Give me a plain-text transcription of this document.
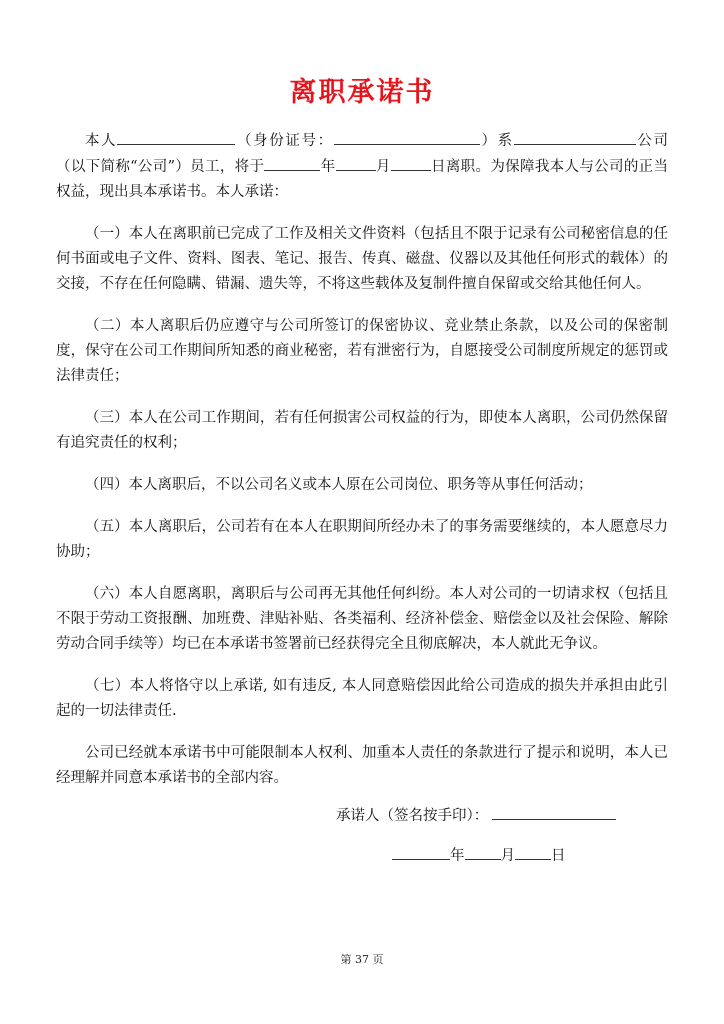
离职承诺书

本人	（身份证号：	）系	公司（以下简称“公司”）员工，将于	年	月	日离职。为保障我本人与公司的正当权益，现出具本承诺书。本人承诺：

（一）本人在离职前已完成了工作及相关文件资料（包括且不限于记录有公司秘密信息的任何书面或电子文件、资料、图表、笔记、报告、传真、磁盘、仪器以及其他任何形式的载体）的交接，不存在任何隐瞒、错漏、遗失等，不将这些载体及复制件擅自保留或交给其他任何人。

（二）本人离职后仍应遵守与公司所签订的保密协议、竞业禁止条款，以及公司的保密制度，保守在公司工作期间所知悉的商业秘密，若有泄密行为，自愿接受公司制度所规定的惩罚或法律责任；

（三）本人在公司工作期间，若有任何损害公司权益的行为，即使本人离职，公司仍然保留有追究责任的权利；

（四）本人离职后，不以公司名义或本人原在公司岗位、职务等从事任何活动；

（五）本人离职后，公司若有在本人在职期间所经办未了的事务需要继续的，本人愿意尽力协助；

（六）本人自愿离职，离职后与公司再无其他任何纠纷。本人对公司的一切请求权（包括且不限于劳动工资报酬、加班费、津贴补贴、各类福利、经济补偿金、赔偿金以及社会保险、解除劳动合同手续等）均已在本承诺书签署前已经获得完全且彻底解决，本人就此无争议。

（七）本人将恪守以上承诺, 如有违反, 本人同意赔偿因此给公司造成的损失并承担由此引起的一切法律责任.

公司已经就本承诺书中可能限制本人权利、加重本人责任的条款进行了提示和说明，本人已经理解并同意本承诺书的全部内容。

承诺人（签名按手印）：
年 月 日
第 37 页
